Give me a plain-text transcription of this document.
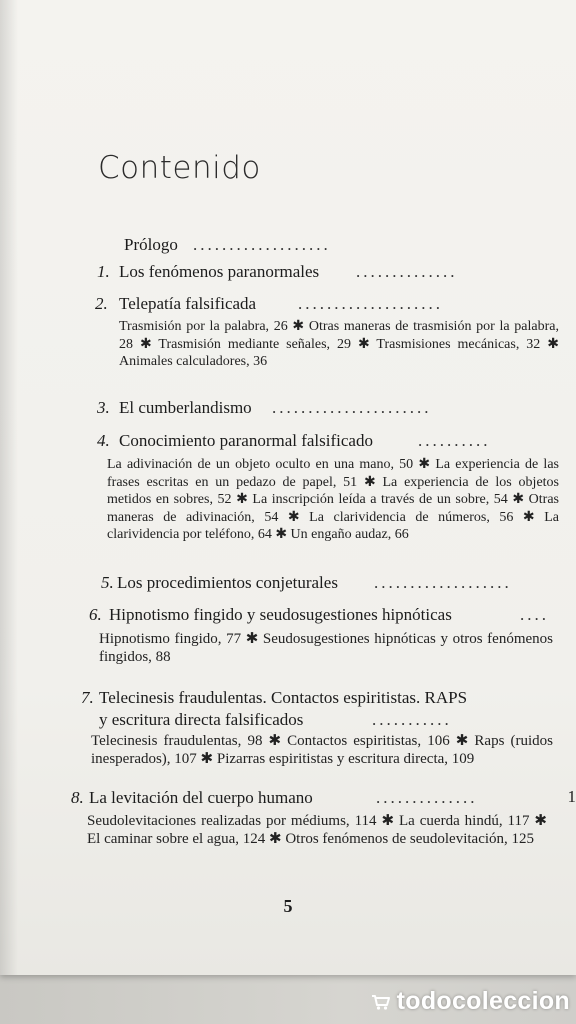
Contenido
Prólogo ...................
1. Los fenómenos paranormales ..............
2. Telepatía falsificada ....................
Trasmisión por la palabra, 26 ✱ Otras maneras de trasmisión por la palabra, 28 ✱ Trasmisión mediante señales, 29 ✱ Trasmisiones mecánicas, 32 ✱ Animales calculadores, 36
3. El cumberlandismo ......................
4. Conocimiento paranormal falsificado	..........
La adivinación de un objeto oculto en una mano, 50 ✱ La experiencia de las frases escritas en un pedazo de papel, 51 ✱ La experiencia de los objetos metidos en sobres, 52 ✱ La inscripción leída a través de un sobre, 54 ✱ Otras maneras de adivinación, 54 ✱ La clarividencia de números, 56 ✱ La clarividencia por teléfono, 64 ✱ Un engaño audaz, 66
5. Los procedimientos conjeturales ...................
6. Hipnotismo fingido y seudosugestiones hipnóticas	....
Hipnotismo fingido, 77 ✱ Seudosugestiones hipnóticas y otros fenómenos fingidos, 88
7. Telecinesis fraudulentas. Contactos espiritistas. RAPS
y escritura directa falsificados	...........
Telecinesis fraudulentas, 98 ✱ Contactos espiritistas, 106 ✱ Raps (ruidos inesperados), 107 ✱ Pizarras espiritistas y escritura directa, 109
8. La levitación del cuerpo humano	..............
Seudolevitaciones realizadas por médiums, 114 ✱ La cuerda hindú, 117 ✱ El caminar sobre el agua, 124 ✱ Otros fenómenos de seudolevitación, 125
1
5
todocoleccion
